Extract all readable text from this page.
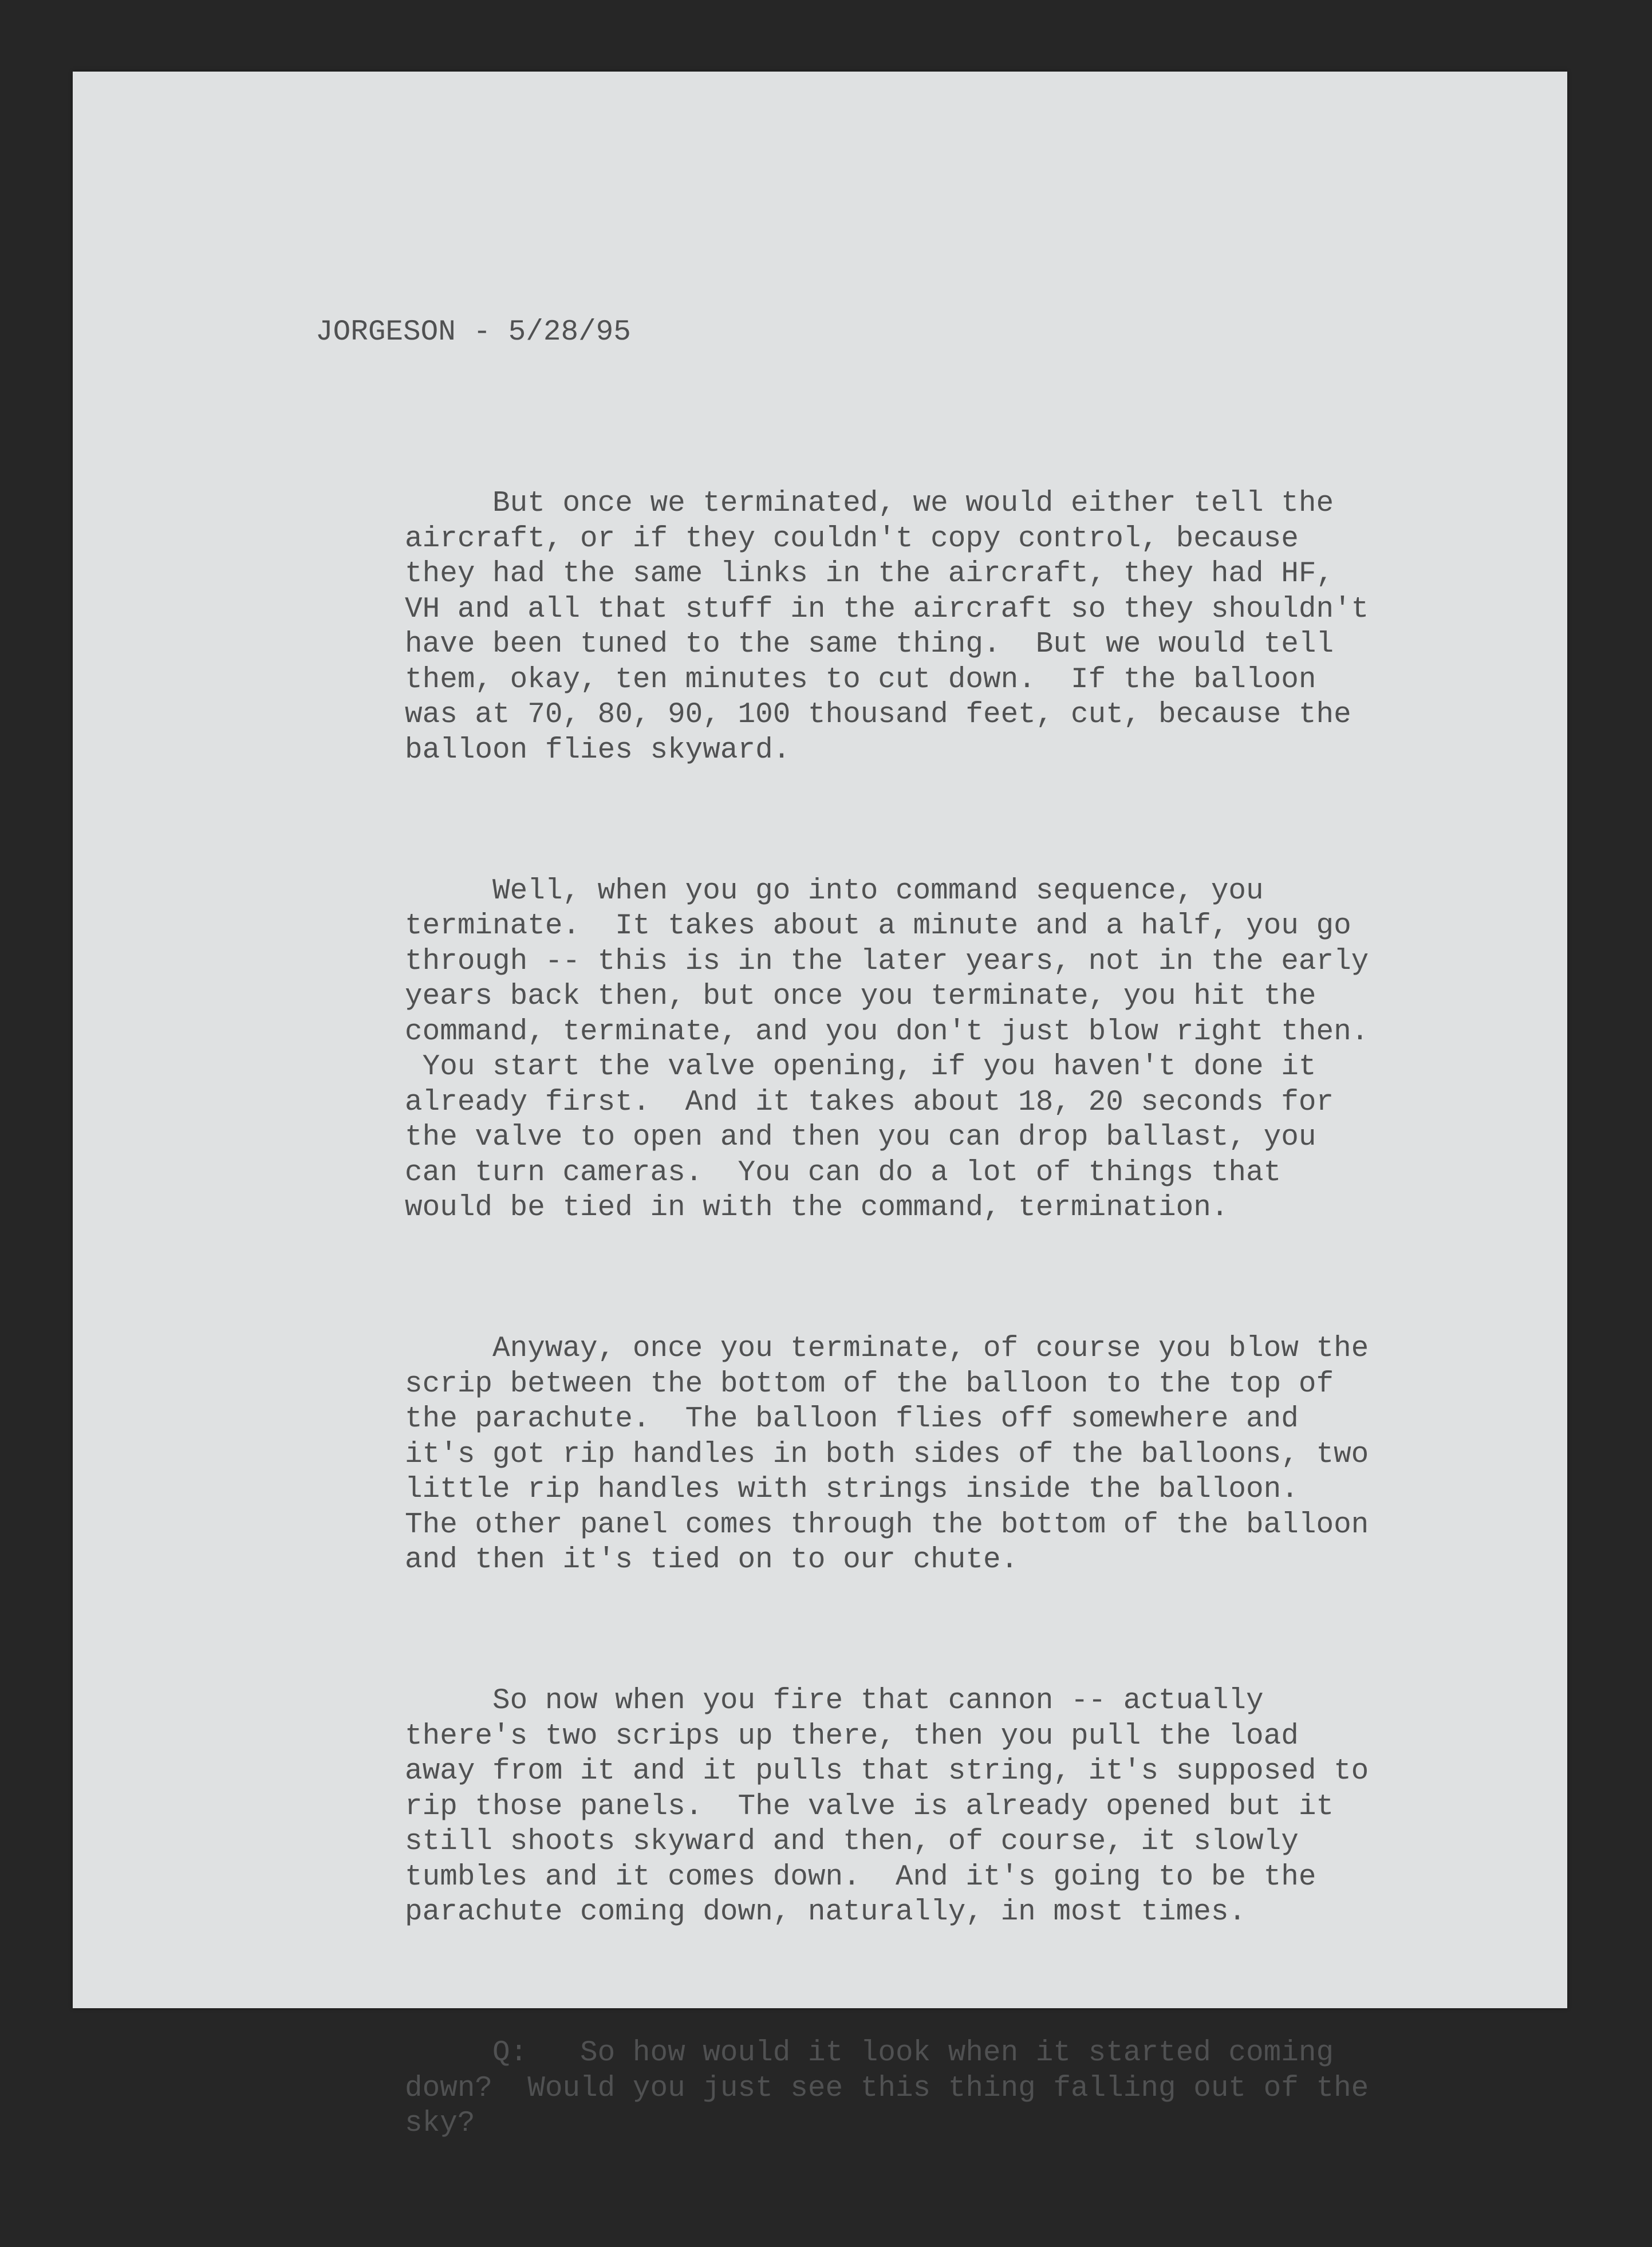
JORGESON - 5/28/95

But once we terminated, we would either tell the
aircraft, or if they couldn't copy control, because
they had the same links in the aircraft, they had HF,
VH and all that stuff in the aircraft so they shouldn't
have been tuned to the same thing.  But we would tell
them, okay, ten minutes to cut down.  If the balloon
was at 70, 80, 90, 100 thousand feet, cut, because the
balloon flies skyward.

Well, when you go into command sequence, you
terminate.  It takes about a minute and a half, you go
through -- this is in the later years, not in the early
years back then, but once you terminate, you hit the
command, terminate, and you don't just blow right then.
You start the valve opening, if you haven't done it
already first.  And it takes about 18, 20 seconds for
the valve to open and then you can drop ballast, you
can turn cameras.  You can do a lot of things that
would be tied in with the command, termination.

Anyway, once you terminate, of course you blow the
scrip between the bottom of the balloon to the top of
the parachute.  The balloon flies off somewhere and
it's got rip handles in both sides of the balloons, two
little rip handles with strings inside the balloon.
The other panel comes through the bottom of the balloon
and then it's tied on to our chute.

So now when you fire that cannon -- actually
there's two scrips up there, then you pull the load
away from it and it pulls that string, it's supposed to
rip those panels.  The valve is already opened but it
still shoots skyward and then, of course, it slowly
tumbles and it comes down.  And it's going to be the
parachute coming down, naturally, in most times.

Q:   So how would it look when it started coming
down?  Would you just see this thing falling out of the
sky?
